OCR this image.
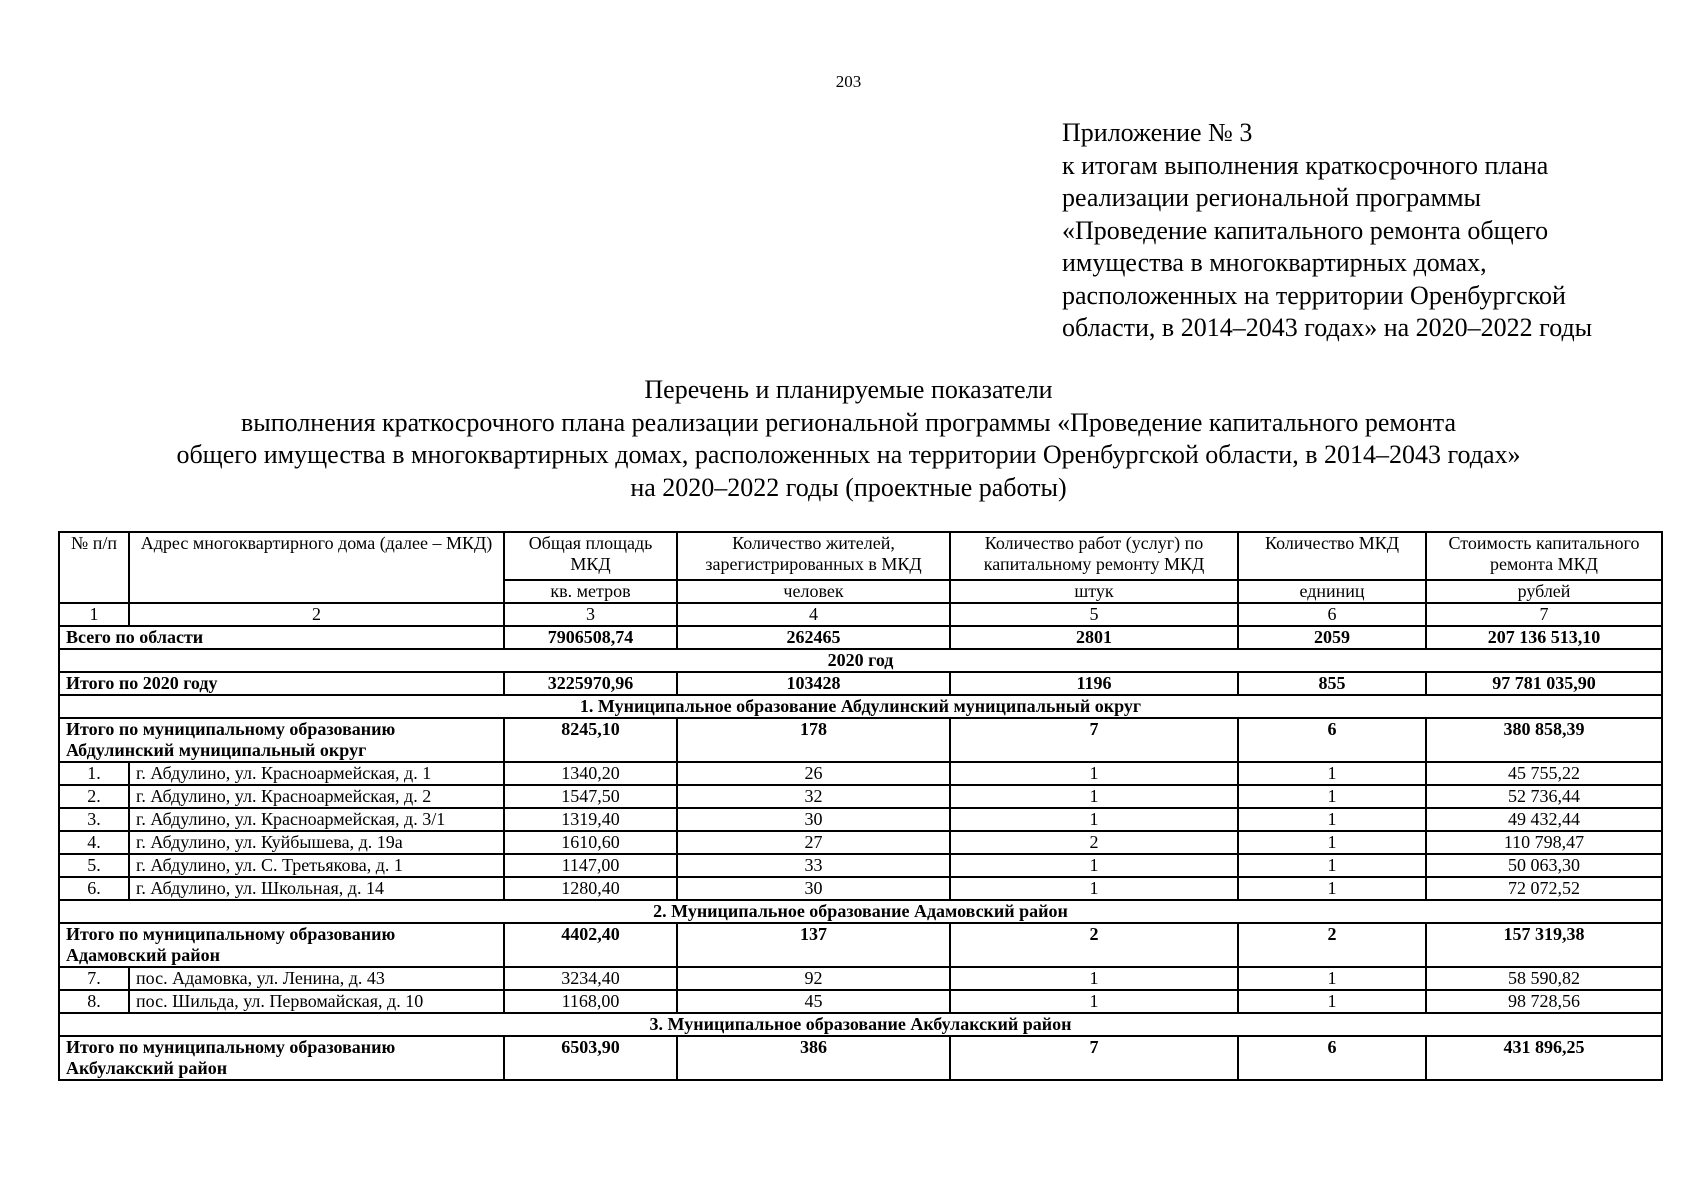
203
Приложение № 3
к итогам выполнения краткосрочного плана
реализации региональной программы
«Проведение капитального ремонта общего
имущества в многоквартирных домах,
расположенных на территории Оренбургской
области, в 2014–2043 годах» на 2020–2022 годы
Перечень и планируемые показатели
выполнения краткосрочного плана реализации региональной программы «Проведение капитального ремонта
общего имущества в многоквартирных домах, расположенных на территории Оренбургской области, в 2014–2043 годах»
на 2020–2022 годы (проектные работы)
№ п/п	Адрес многоквартирного дома (далее – МКД)	Общая площадь МКД	Количество жителей, зарегистрированных в МКД	Количество работ (услуг) по капитальному ремонту МКД	Количество МКД	Стоимость капитального ремонта МКД
		кв. метров	человек	штук	едниниц	рублей
1	2	3	4	5	6	7
Всего по области		7906508,74	262465	2801	2059	207 136 513,10
2020 год						
Итого по 2020 году		3225970,96	103428	1196	855	97 781 035,90
1. Муниципальное образование Абдулинский муниципальный округ						
Итого по муниципальному образованию Абдулинский муниципальный округ		8245,10	178	7	6	380 858,39
1.	г. Абдулино, ул. Красноармейская, д. 1	1340,20	26	1	1	45 755,22
2.	г. Абдулино, ул. Красноармейская, д. 2	1547,50	32	1	1	52 736,44
3.	г. Абдулино, ул. Красноармейская, д. 3/1	1319,40	30	1	1	49 432,44
4.	г. Абдулино, ул. Куйбышева, д. 19а	1610,60	27	2	1	110 798,47
5.	г. Абдулино, ул. С. Третьякова, д. 1	1147,00	33	1	1	50 063,30
6.	г. Абдулино, ул. Школьная, д. 14	1280,40	30	1	1	72 072,52
2. Муниципальное образование Адамовский район						
Итого по муниципальному образованию Адамовский район		4402,40	137	2	2	157 319,38
7.	пос. Адамовка, ул. Ленина, д. 43	3234,40	92	1	1	58 590,82
8.	пос. Шильда, ул. Первомайская, д. 10	1168,00	45	1	1	98 728,56
3. Муниципальное образование Акбулакский район						
Итого по муниципальному образованию Акбулакский район		6503,90	386	7	6	431 896,25
